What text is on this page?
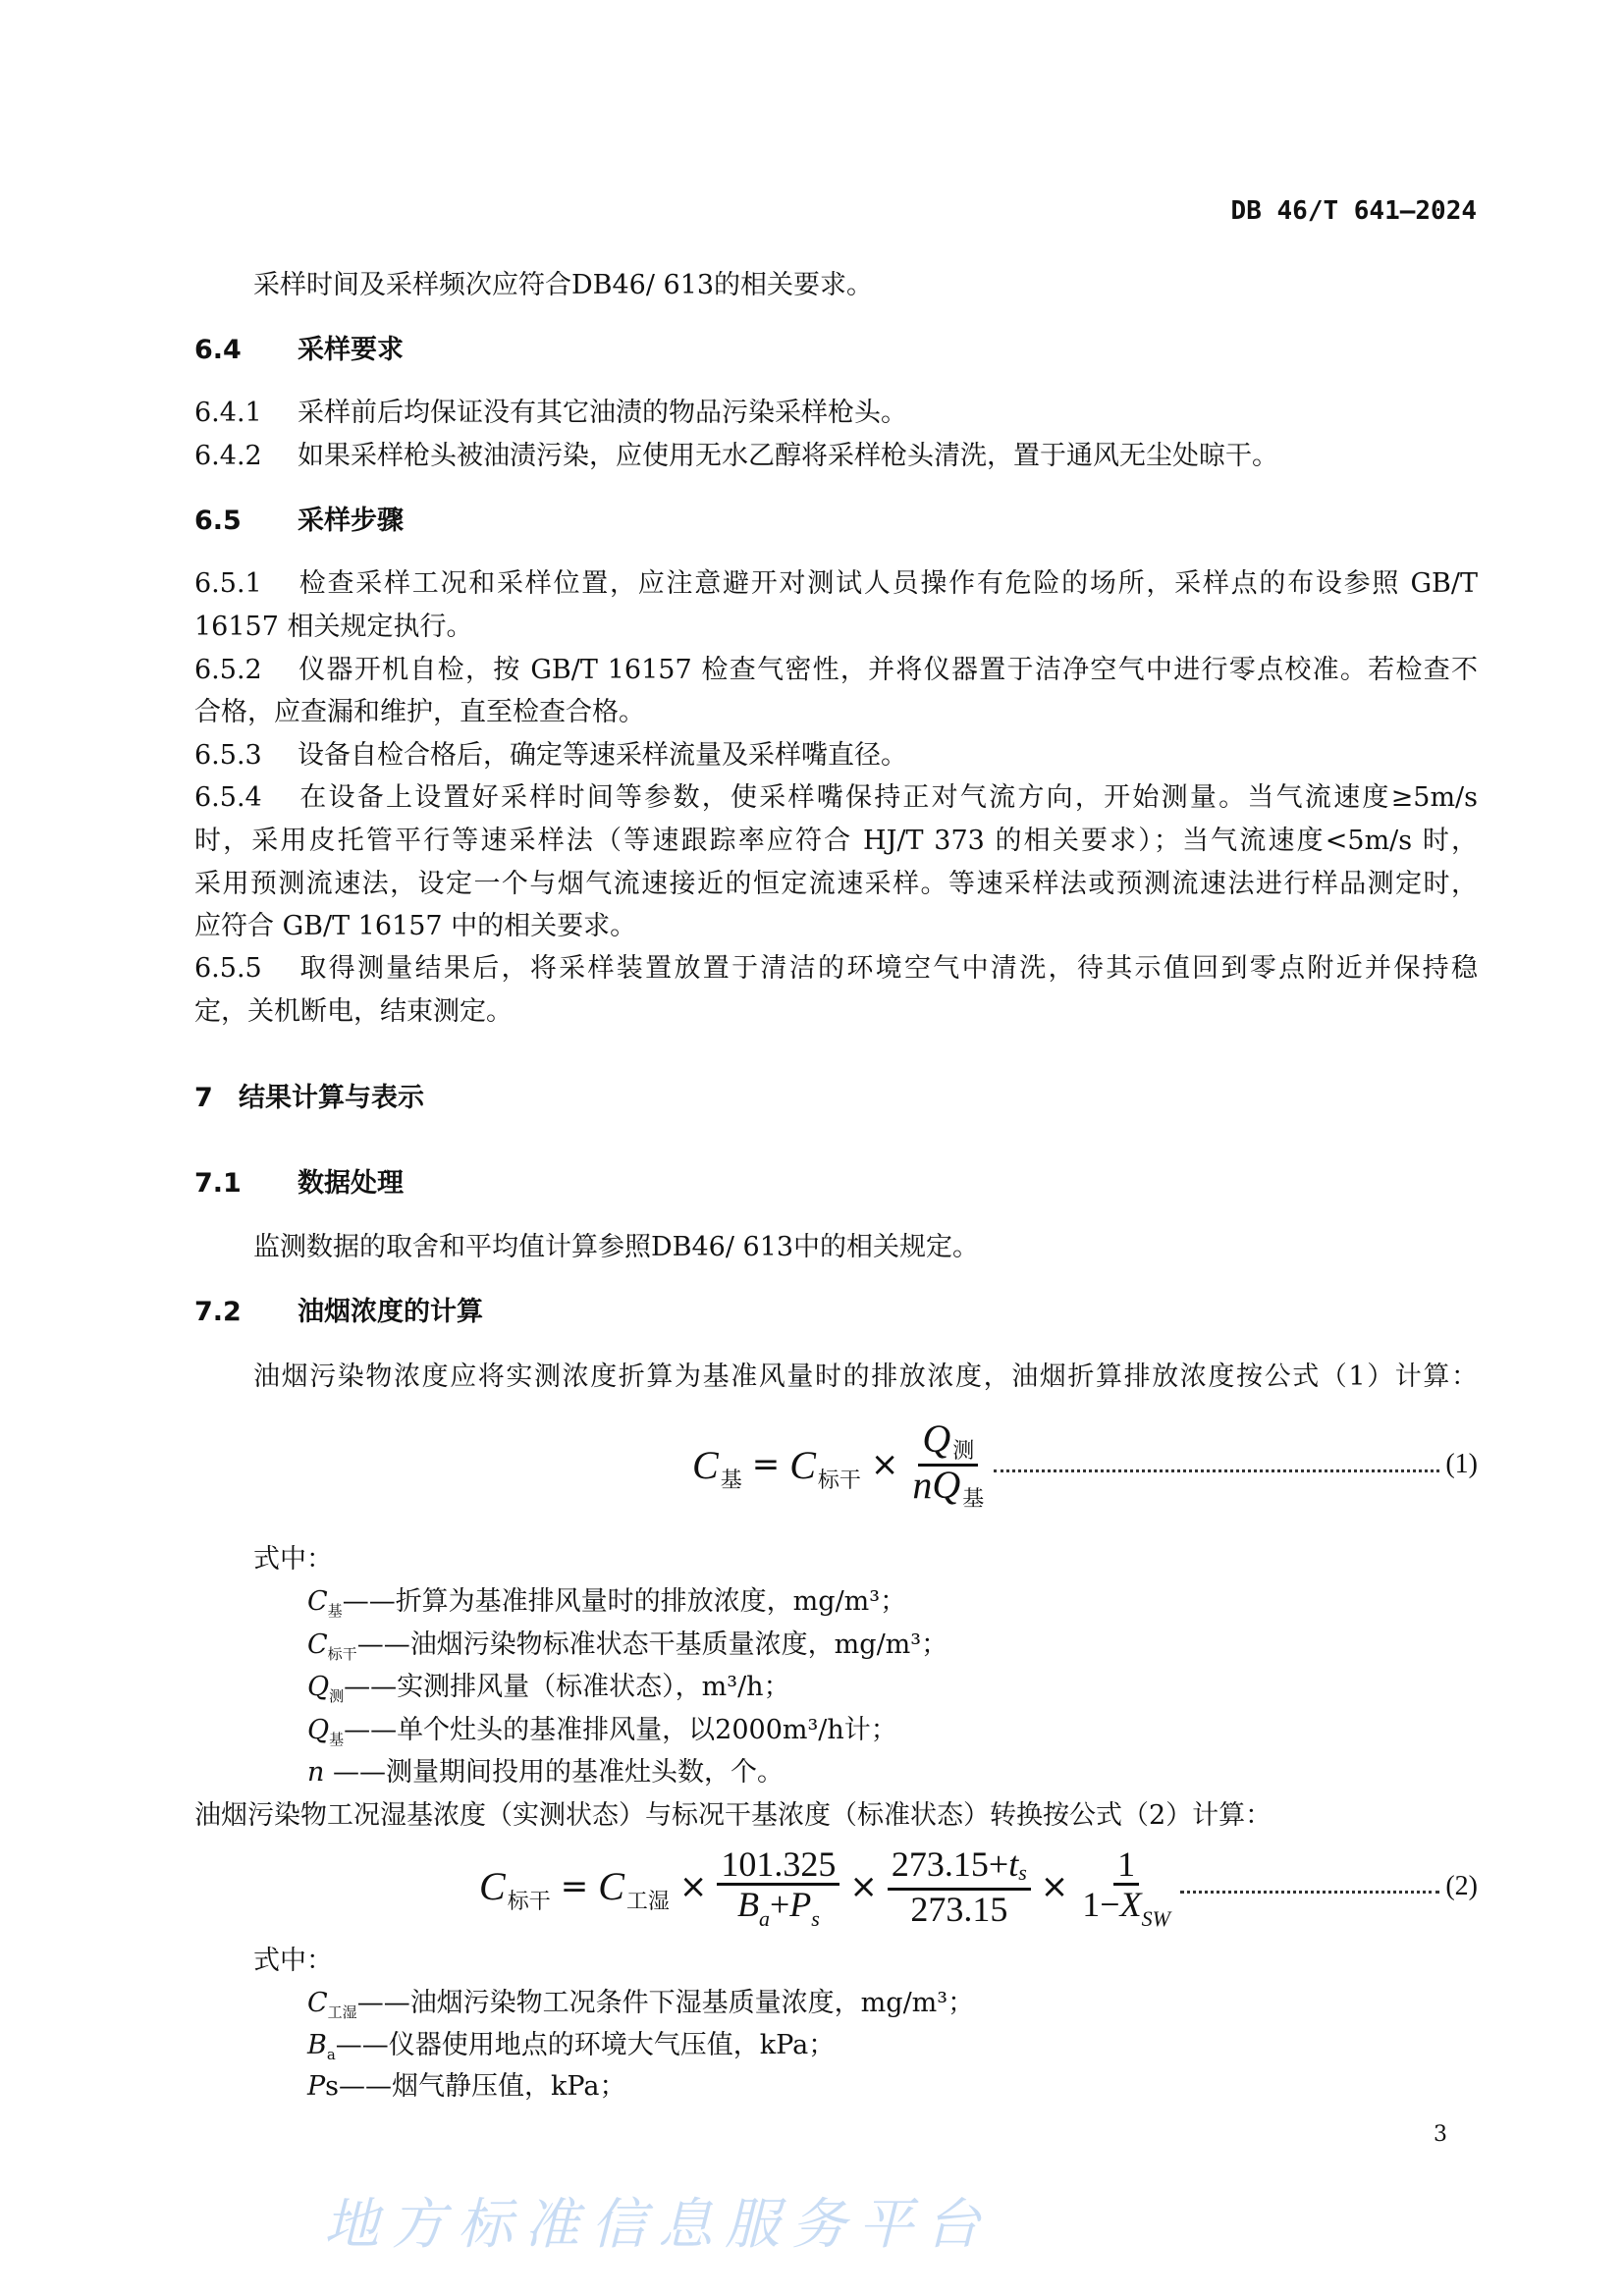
DB 46/T 641—2024
采样时间及采样频次应符合DB46/ 613的相关要求。
6.4 采样要求
6.4.1 采样前后均保证没有其它油渍的物品污染采样枪头。
6.4.2 如果采样枪头被油渍污染，应使用无水乙醇将采样枪头清洗，置于通风无尘处晾干。
6.5 采样步骤
6.5.1 检查采样工况和采样位置，应注意避开对测试人员操作有危险的场所，采样点的布设参照 GB/T
16157 相关规定执行。
6.5.2 仪器开机自检，按 GB/T 16157 检查气密性，并将仪器置于洁净空气中进行零点校准。若检查不
合格，应查漏和维护，直至检查合格。
6.5.3 设备自检合格后，确定等速采样流量及采样嘴直径。
6.5.4 在设备上设置好采样时间等参数，使采样嘴保持正对气流方向，开始测量。当气流速度≥5m/s
时，采用皮托管平行等速采样法（等速跟踪率应符合 HJ/T 373 的相关要求）；当气流速度<5m/s 时，
采用预测流速法，设定一个与烟气流速接近的恒定流速采样。等速采样法或预测流速法进行样品测定时，
应符合 GB/T 16157 中的相关要求。
6.5.5 取得测量结果后，将采样装置放置于清洁的环境空气中清洗，待其示值回到零点附近并保持稳
定，关机断电，结束测定。
7 结果计算与表示
7.1 数据处理
监测数据的取舍和平均值计算参照DB46/ 613中的相关规定。
7.2 油烟浓度的计算
油烟污染物浓度应将实测浓度折算为基准风量时的排放浓度，油烟折算排放浓度按公式（1）计算：
C 基 = C 标干 × $\frac{\text{Q测}}{nQ_基}$	(1)
式中：
$C_基——$折算为基准排风量时的排放浓度，mg/m³；
$C_{标干}——$油烟污染物标准状态干基质量浓度，mg/m³；
$Q_测——$实测排风量（标准状态），m³/h；
$Q_基——$单个灶头的基准排风量，以2000m³/h计；
n ——测量期间投用的基准灶头数，个。
油烟污染物工况湿基浓度（实测状态）与标况干基浓度（标准状态）转换按公式（2）计算：
C 标干 = C 工湿 × $\frac{101.325}{B_a+P_s} \times \frac{273.15+ts}{273.15} \times \frac{1}{1-X_{SW}}$	(2)
式中：
$C_{工湿}——$油烟污染物工况条件下湿基质量浓度，mg/m³；
$B_a——$仪器使用地点的环境大气压值，kPa；
Ps——烟气静压值，kPa；
3
地方标准信息服务平台
